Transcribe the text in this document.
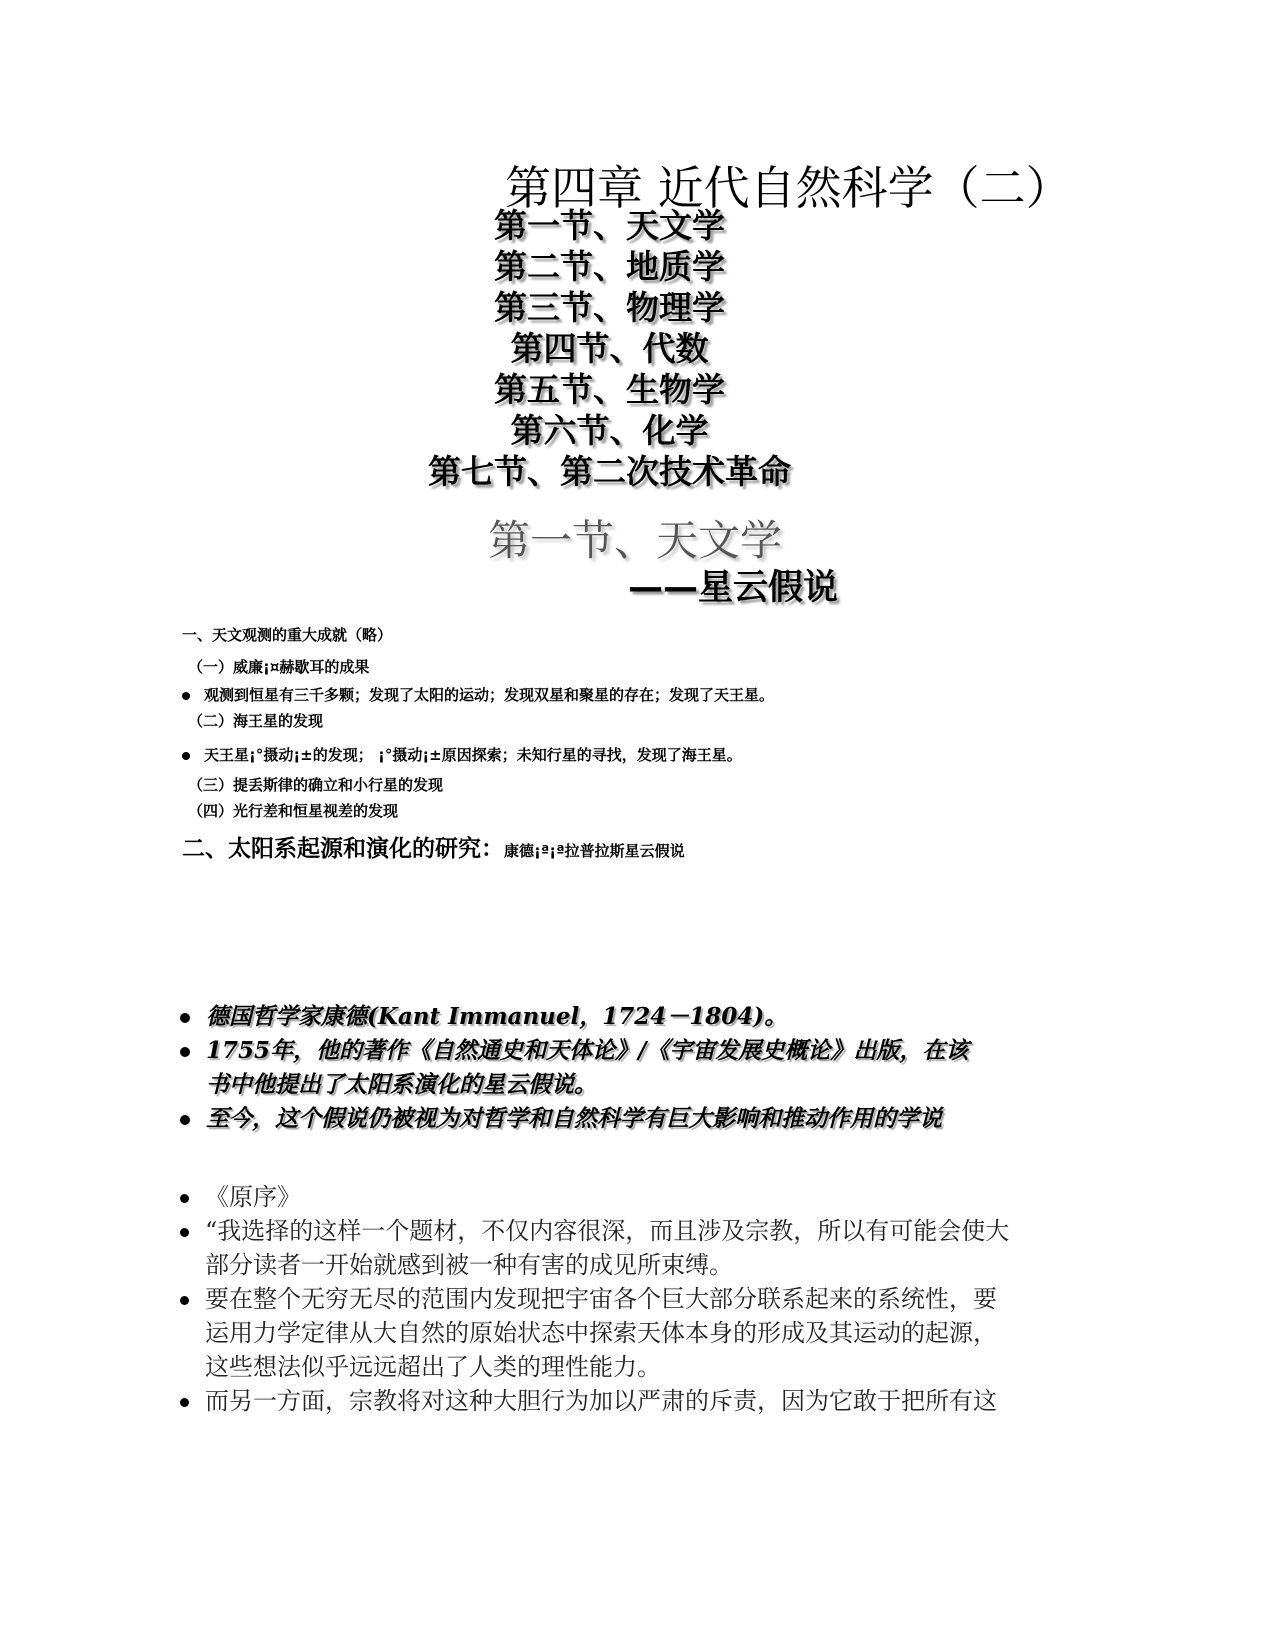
第四章 近代自然科学（二）
第一节、天文学
第二节、地质学
第三节、物理学
第四节、代数
第五节、生物学
第六节、化学
第七节、第二次技术革命
第一节、天文学
——星云假说
一、天文观测的重大成就（略）
（一）威廉¡¤赫歇耳的成果
观测到恒星有三千多颗；发现了太阳的运动；发现双星和聚星的存在；发现了天王星。
（二）海王星的发现
天王星¡°摄动¡±的发现； ¡°摄动¡±原因探索；未知行星的寻找，发现了海王星。
（三）提丢斯律的确立和小行星的发现
（四）光行差和恒星视差的发现
二、太阳系起源和演化的研究：康德¡ª¡ª拉普拉斯星云假说
德国哲学家康德(Kant Immanuel，1724－1804)。
1755年，他的著作《自然通史和天体论》/《宇宙发展史概论》出版，在该
书中他提出了太阳系演化的星云假说。
至今，这个假说仍被视为对哲学和自然科学有巨大影响和推动作用的学说
《原序》
“我选择的这样一个题材，不仅内容很深，而且涉及宗教，所以有可能会使大
部分读者一开始就感到被一种有害的成见所束缚。
要在整个无穷无尽的范围内发现把宇宙各个巨大部分联系起来的系统性，要
运用力学定律从大自然的原始状态中探索天体本身的形成及其运动的起源，
这些想法似乎远远超出了人类的理性能力。
而另一方面，宗教将对这种大胆行为加以严肃的斥责，因为它敢于把所有这
